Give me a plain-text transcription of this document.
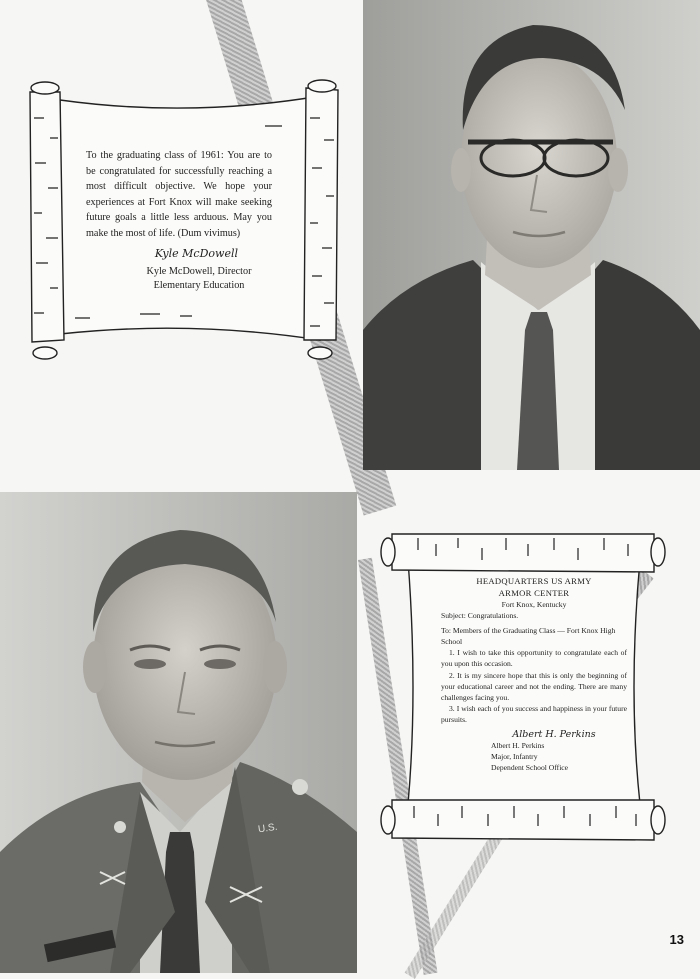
To the graduating class of 1961: You are to be congratulated for successfully reaching a most difficult objective. We hope your experiences at Fort Knox will make seeking future goals a little less arduous. May you make the most of life. (Dum vivimus)
Kyle McDowell
Kyle McDowell, Director
Elementary Education
HEADQUARTERS US ARMY
ARMOR CENTER
Fort Knox, Kentucky

Subject: Congratulations.

To: Members of the Graduating Class — Fort Knox High School

1. I wish to take this opportunity to congratulate each of you upon this occasion.

2. It is my sincere hope that this is only the beginning of your educational career and not the ending. There are many challenges facing you.

3. I wish each of you success and happiness in your future pursuits.

Albert H. Perkins
Albert H. Perkins
Major, Infantry
Dependent School Office
U.S.
13
